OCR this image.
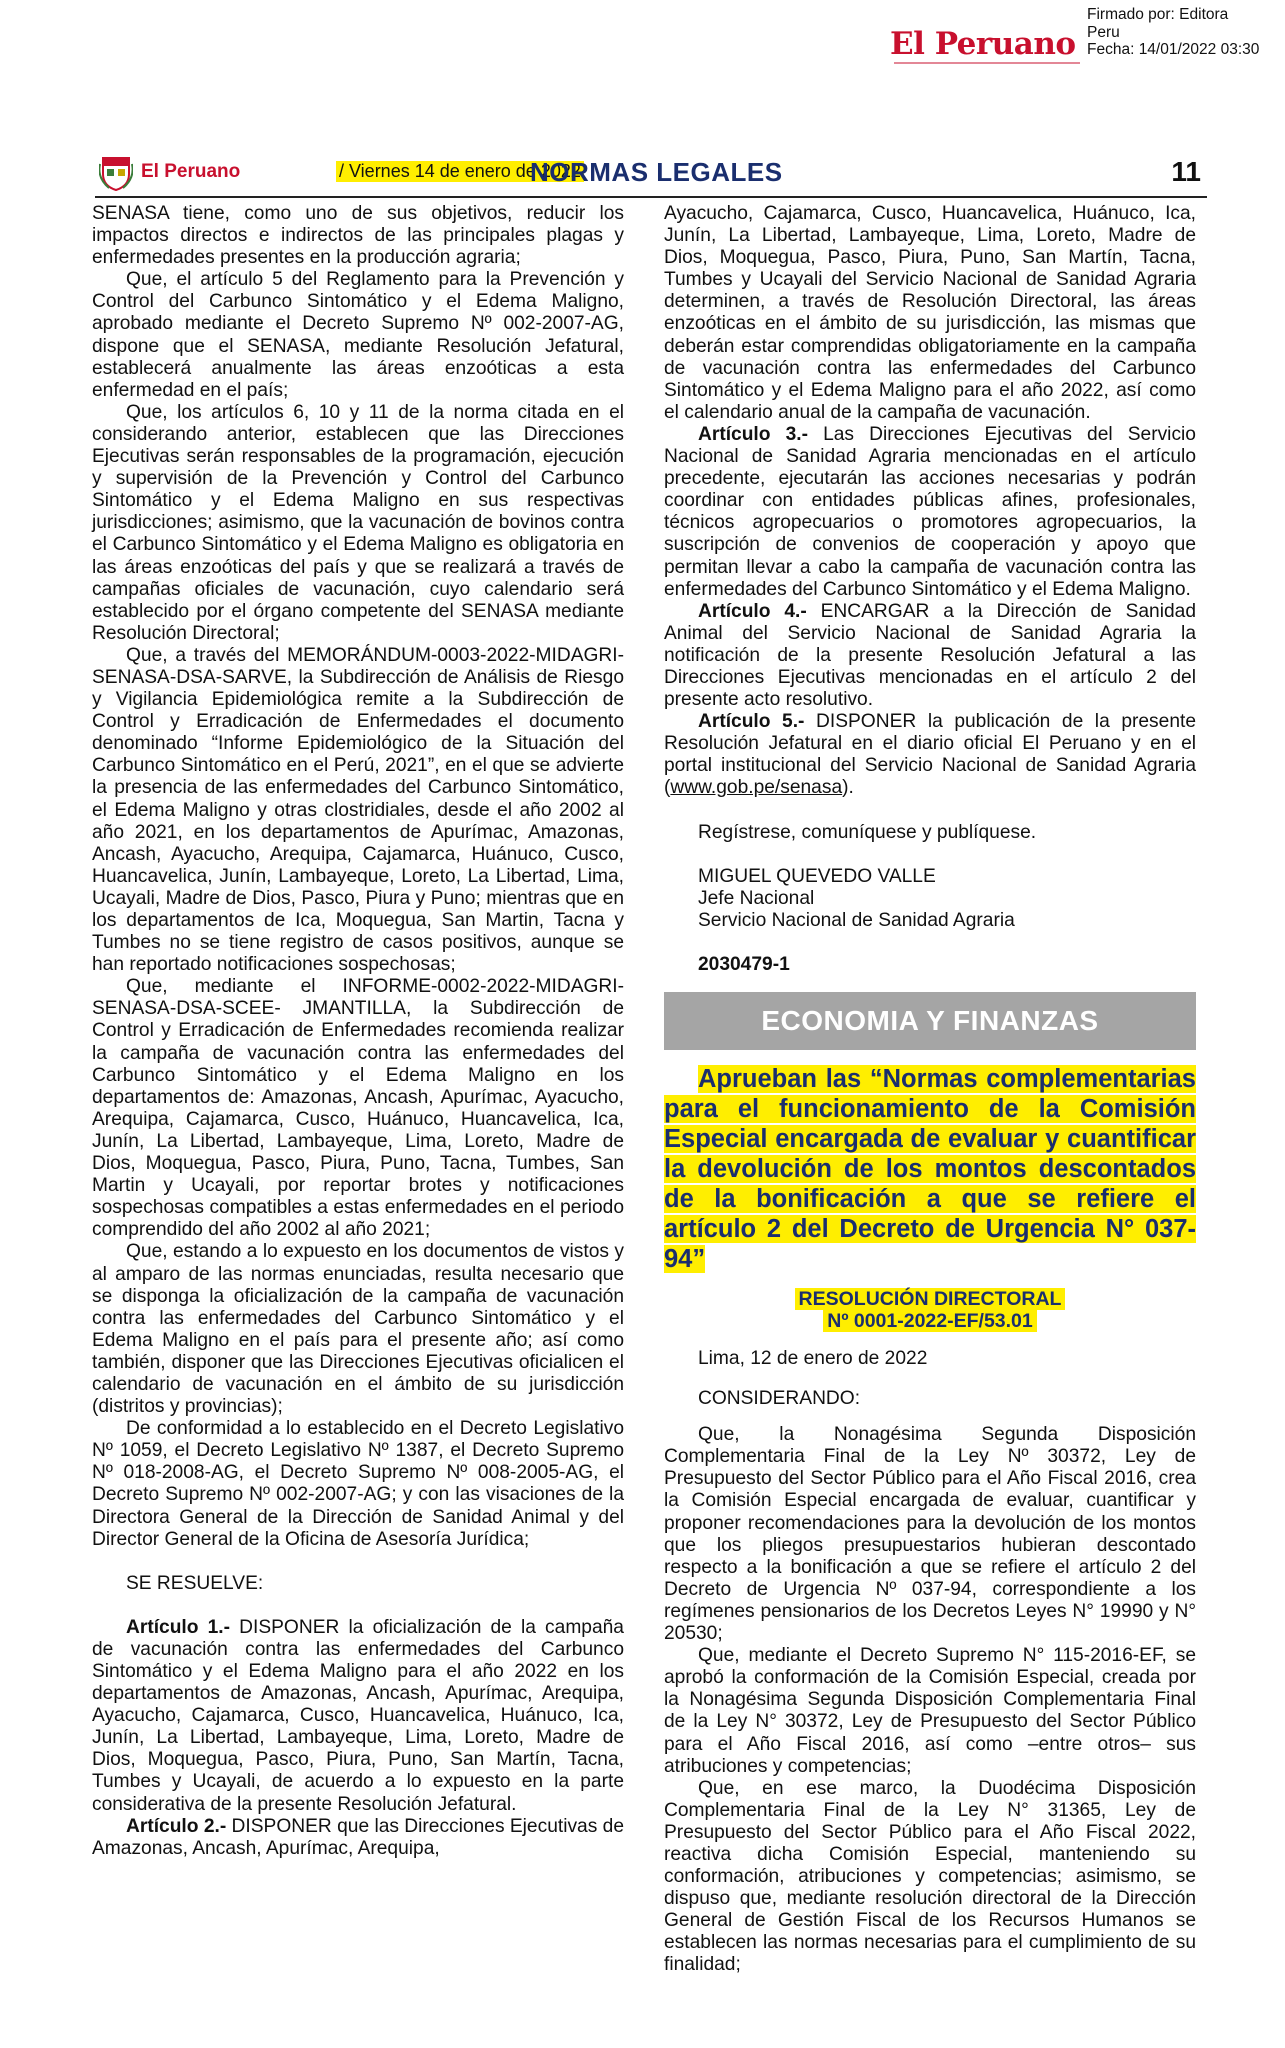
El Peruano
Firmado por: Editora
Peru
Fecha: 14/01/2022 03:30
El Peruano	/ Viernes 14 de enero de 2022
NORMAS LEGALES	11

SENASA tiene, como uno de sus objetivos, reducir los impactos directos e indirectos de las principales plagas y enfermedades presentes en la producción agraria;

Que, el artículo 5 del Reglamento para la Prevención y Control del Carbunco Sintomático y el Edema Maligno, aprobado mediante el Decreto Supremo Nº 002-2007-AG, dispone que el SENASA, mediante Resolución Jefatural, establecerá anualmente las áreas enzoóticas a esta enfermedad en el país;

Que, los artículos 6, 10 y 11 de la norma citada en el considerando anterior, establecen que las Direcciones Ejecutivas serán responsables de la programación, ejecución y supervisión de la Prevención y Control del Carbunco Sintomático y el Edema Maligno en sus respectivas jurisdicciones; asimismo, que la vacunación de bovinos contra el Carbunco Sintomático y el Edema Maligno es obligatoria en las áreas enzoóticas del país y que se realizará a través de campañas oficiales de vacunación, cuyo calendario será establecido por el órgano competente del SENASA mediante Resolución Directoral;

Que, a través del MEMORÁNDUM-0003-2022-MIDAGRI-SENASA-DSA-SARVE, la Subdirección de Análisis de Riesgo y Vigilancia Epidemiológica remite a la Subdirección de Control y Erradicación de Enfermedades el documento denominado “Informe Epidemiológico de la Situación del Carbunco Sintomático en el Perú, 2021”, en el que se advierte la presencia de las enfermedades del Carbunco Sintomático, el Edema Maligno y otras clostridiales, desde el año 2002 al año 2021, en los departamentos de Apurímac, Amazonas, Ancash, Ayacucho, Arequipa, Cajamarca, Huánuco, Cusco, Huancavelica, Junín, Lambayeque, Loreto, La Libertad, Lima, Ucayali, Madre de Dios, Pasco, Piura y Puno; mientras que en los departamentos de Ica, Moquegua, San Martin, Tacna y Tumbes no se tiene registro de casos positivos, aunque se han reportado notificaciones sospechosas;

Que, mediante el INFORME-0002-2022-MIDAGRI-SENASA-DSA-SCEE- JMANTILLA, la Subdirección de Control y Erradicación de Enfermedades recomienda realizar la campaña de vacunación contra las enfermedades del Carbunco Sintomático y el Edema Maligno en los departamentos de: Amazonas, Ancash, Apurímac, Ayacucho, Arequipa, Cajamarca, Cusco, Huánuco, Huancavelica, Ica, Junín, La Libertad, Lambayeque, Lima, Loreto, Madre de Dios, Moquegua, Pasco, Piura, Puno, Tacna, Tumbes, San Martin y Ucayali, por reportar brotes y notificaciones sospechosas compatibles a estas enfermedades en el periodo comprendido del año 2002 al año 2021;

Que, estando a lo expuesto en los documentos de vistos y al amparo de las normas enunciadas, resulta necesario que se disponga la oficialización de la campaña de vacunación contra las enfermedades del Carbunco Sintomático y el Edema Maligno en el país para el presente año; así como también, disponer que las Direcciones Ejecutivas oficialicen el calendario de vacunación en el ámbito de su jurisdicción (distritos y provincias);

De conformidad a lo establecido en el Decreto Legislativo Nº 1059, el Decreto Legislativo Nº 1387, el Decreto Supremo Nº 018-2008-AG, el Decreto Supremo Nº 008-2005-AG, el Decreto Supremo Nº 002-2007-AG; y con las visaciones de la Directora General de la Dirección de Sanidad Animal y del Director General de la Oficina de Asesoría Jurídica;

SE RESUELVE:

Artículo 1.- DISPONER la oficialización de la campaña de vacunación contra las enfermedades del Carbunco Sintomático y el Edema Maligno para el año 2022 en los departamentos de Amazonas, Ancash, Apurímac, Arequipa, Ayacucho, Cajamarca, Cusco, Huancavelica, Huánuco, Ica, Junín, La Libertad, Lambayeque, Lima, Loreto, Madre de Dios, Moquegua, Pasco, Piura, Puno, San Martín, Tacna, Tumbes y Ucayali, de acuerdo a lo expuesto en la parte considerativa de la presente Resolución Jefatural.

Artículo 2.- DISPONER que las Direcciones Ejecutivas de Amazonas, Ancash, Apurímac, Arequipa,

Ayacucho, Cajamarca, Cusco, Huancavelica, Huánuco, Ica, Junín, La Libertad, Lambayeque, Lima, Loreto, Madre de Dios, Moquegua, Pasco, Piura, Puno, San Martín, Tacna, Tumbes y Ucayali del Servicio Nacional de Sanidad Agraria determinen, a través de Resolución Directoral, las áreas enzoóticas en el ámbito de su jurisdicción, las mismas que deberán estar comprendidas obligatoriamente en la campaña de vacunación contra las enfermedades del Carbunco Sintomático y el Edema Maligno para el año 2022, así como el calendario anual de la campaña de vacunación.

Artículo 3.- Las Direcciones Ejecutivas del Servicio Nacional de Sanidad Agraria mencionadas en el artículo precedente, ejecutarán las acciones necesarias y podrán coordinar con entidades públicas afines, profesionales, técnicos agropecuarios o promotores agropecuarios, la suscripción de convenios de cooperación y apoyo que permitan llevar a cabo la campaña de vacunación contra las enfermedades del Carbunco Sintomático y el Edema Maligno.

Artículo 4.- ENCARGAR a la Dirección de Sanidad Animal del Servicio Nacional de Sanidad Agraria la notificación de la presente Resolución Jefatural a las Direcciones Ejecutivas mencionadas en el artículo 2 del presente acto resolutivo.

Artículo 5.- DISPONER la publicación de la presente Resolución Jefatural en el diario oficial El Peruano y en el portal institucional del Servicio Nacional de Sanidad Agraria (www.gob.pe/senasa).

Regístrese, comuníquese y publíquese.

MIGUEL QUEVEDO VALLE

Jefe Nacional

Servicio Nacional de Sanidad Agraria

2030479-1

ECONOMIA Y FINANZAS

Aprueban las “Normas complementarias para el funcionamiento de la Comisión Especial encargada de evaluar y cuantificar la devolución de los montos descontados de la bonificación a que se refiere el artículo 2 del Decreto de Urgencia N° 037-94”

RESOLUCIÓN DIRECTORAL
Nº 0001-2022-EF/53.01

Lima, 12 de enero de 2022

CONSIDERANDO:

Que, la Nonagésima Segunda Disposición Complementaria Final de la Ley Nº 30372, Ley de Presupuesto del Sector Público para el Año Fiscal 2016, crea la Comisión Especial encargada de evaluar, cuantificar y proponer recomendaciones para la devolución de los montos que los pliegos presupuestarios hubieran descontado respecto a la bonificación a que se refiere el artículo 2 del Decreto de Urgencia Nº 037-94, correspondiente a los regímenes pensionarios de los Decretos Leyes N° 19990 y N° 20530;

Que, mediante el Decreto Supremo N° 115-2016-EF, se aprobó la conformación de la Comisión Especial, creada por la Nonagésima Segunda Disposición Complementaria Final de la Ley N° 30372, Ley de Presupuesto del Sector Público para el Año Fiscal 2016, así como –entre otros– sus atribuciones y competencias;

Que, en ese marco, la Duodécima Disposición Complementaria Final de la Ley N° 31365, Ley de Presupuesto del Sector Público para el Año Fiscal 2022, reactiva dicha Comisión Especial, manteniendo su conformación, atribuciones y competencias; asimismo, se dispuso que, mediante resolución directoral de la Dirección General de Gestión Fiscal de los Recursos Humanos se establecen las normas necesarias para el cumplimiento de su finalidad;
